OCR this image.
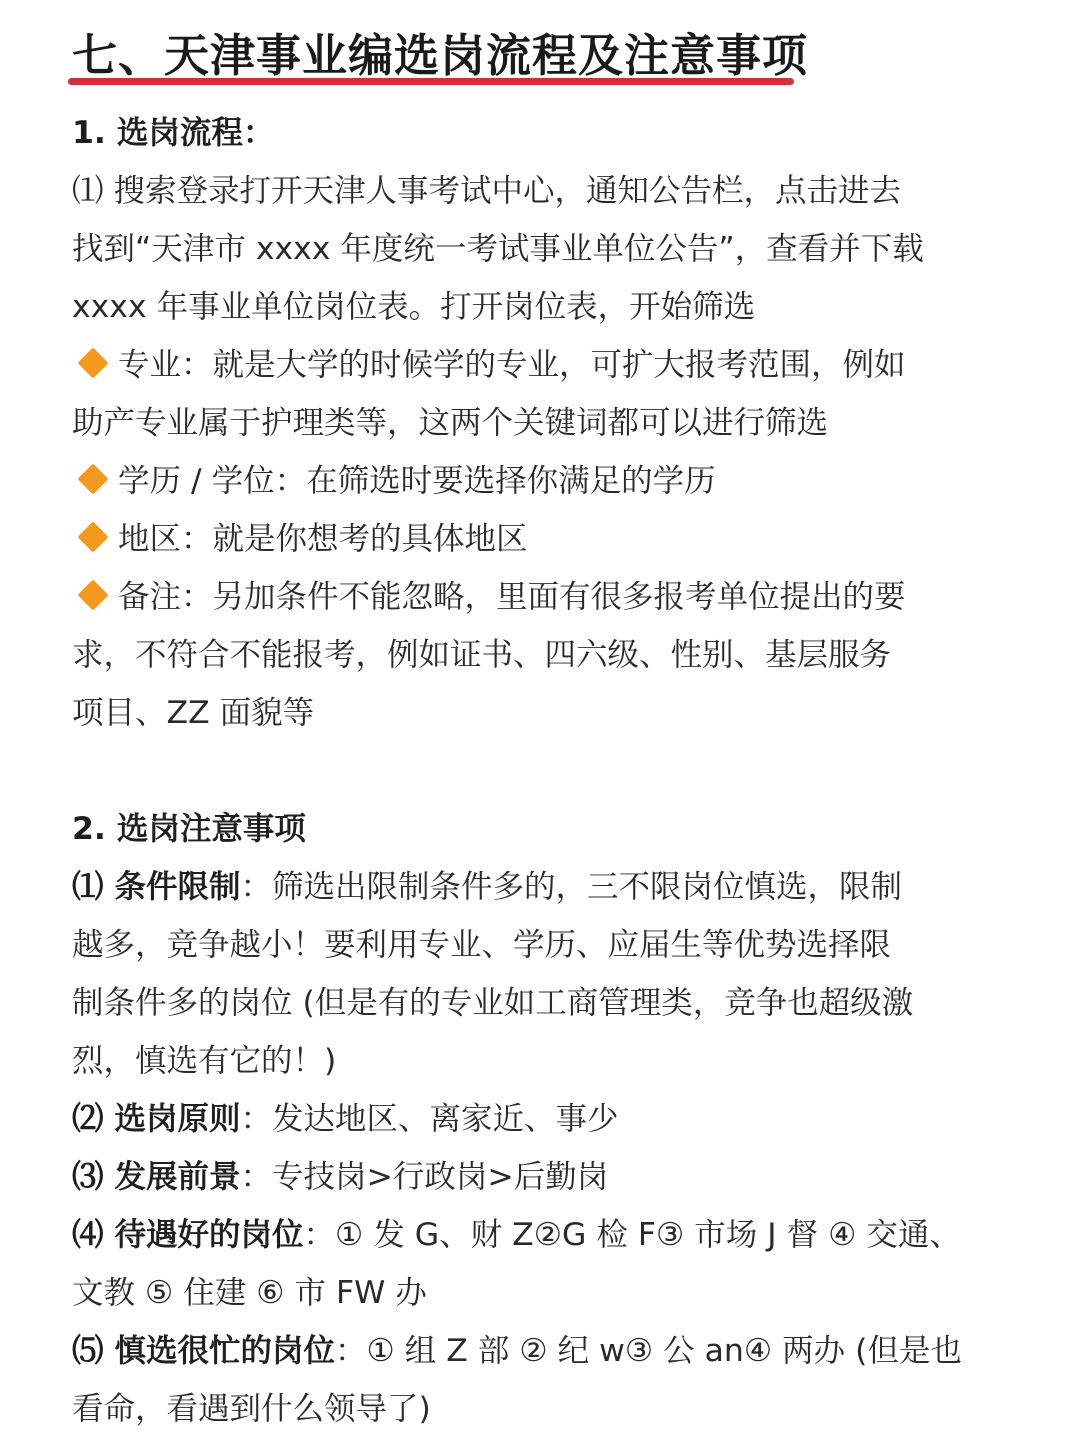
七、天津事业编选岗流程及注意事项
1. 选岗流程：
⑴ 搜索登录打开天津人事考试中心，通知公告栏，点击进去
找到“天津市 xxxx 年度统一考试事业单位公告”，查看并下载
xxxx 年事业单位岗位表。打开岗位表，开始筛选
专业：就是大学的时候学的专业，可扩大报考范围，例如
助产专业属于护理类等，这两个关键词都可以进行筛选
学历 / 学位：在筛选时要选择你满足的学历
地区：就是你想考的具体地区
备注：另加条件不能忽略，里面有很多报考单位提出的要
求，不符合不能报考，例如证书、四六级、性别、基层服务
项目、ZZ 面貌等
2. 选岗注意事项
⑴ 条件限制：筛选出限制条件多的，三不限岗位慎选，限制
越多，竞争越小！要利用专业、学历、应届生等优势选择限
制条件多的岗位 (但是有的专业如工商管理类，竞争也超级激
烈，慎选有它的！)
⑵ 选岗原则：发达地区、离家近、事少
⑶ 发展前景：专技岗>行政岗>后勤岗
⑷ 待遇好的岗位：① 发 G、财 Z②G 检 F③ 市场 J 督 ④ 交通、
文教 ⑤ 住建 ⑥ 市 FW 办
⑸ 慎选很忙的岗位：① 组 Z 部 ② 纪 w③ 公 an④ 两办 (但是也
看命，看遇到什么领导了)
